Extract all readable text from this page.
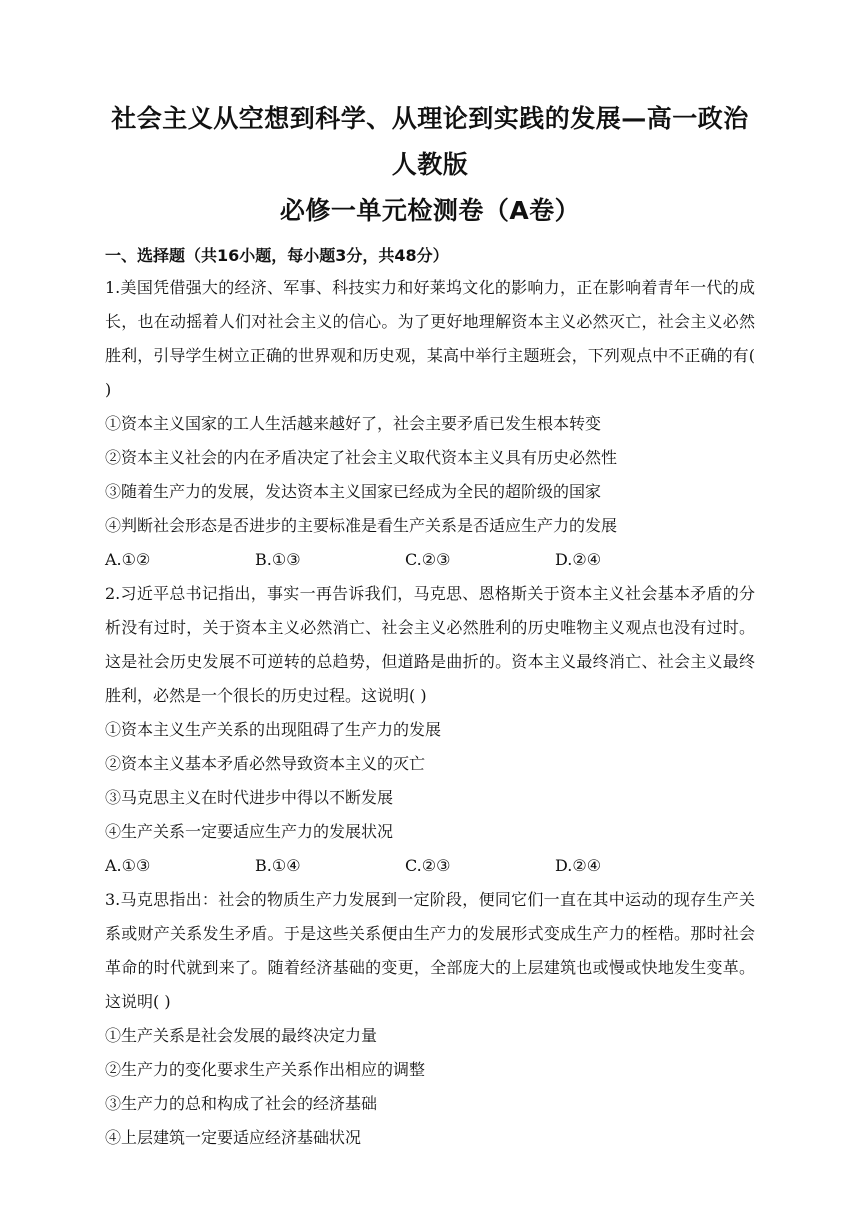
社会主义从空想到科学、从理论到实践的发展—高一政治人教版
必修一单元检测卷（A卷）
一、选择题（共16小题，每小题3分，共48分）

1.美国凭借强大的经济、军事、科技实力和好莱坞文化的影响力，正在影响着青年一代的成长，也在动摇着人们对社会主义的信心。为了更好地理解资本主义必然灭亡，社会主义必然胜利，引导学生树立正确的世界观和历史观，某高中举行主题班会，下列观点中不正确的有( )

①资本主义国家的工人生活越来越好了，社会主要矛盾已发生根本转变

②资本主义社会的内在矛盾决定了社会主义取代资本主义具有历史必然性

③随着生产力的发展，发达资本主义国家已经成为全民的超阶级的国家

④判断社会形态是否进步的主要标准是看生产关系是否适应生产力的发展

A.①②	B.①③	C.②③	D.②④

2.习近平总书记指出，事实一再告诉我们，马克思、恩格斯关于资本主义社会基本矛盾的分析没有过时，关于资本主义必然消亡、社会主义必然胜利的历史唯物主义观点也没有过时。这是社会历史发展不可逆转的总趋势，但道路是曲折的。资本主义最终消亡、社会主义最终胜利，必然是一个很长的历史过程。这说明( )

①资本主义生产关系的出现阻碍了生产力的发展

②资本主义基本矛盾必然导致资本主义的灭亡

③马克思主义在时代进步中得以不断发展

④生产关系一定要适应生产力的发展状况

A.①③	B.①④	C.②③	D.②④

3.马克思指出：社会的物质生产力发展到一定阶段，便同它们一直在其中运动的现存生产关系或财产关系发生矛盾。于是这些关系便由生产力的发展形式变成生产力的桎梏。那时社会革命的时代就到来了。随着经济基础的变更，全部庞大的上层建筑也或慢或快地发生变革。这说明( )

①生产关系是社会发展的最终决定力量

②生产力的变化要求生产关系作出相应的调整

③生产力的总和构成了社会的经济基础

④上层建筑一定要适应经济基础状况
